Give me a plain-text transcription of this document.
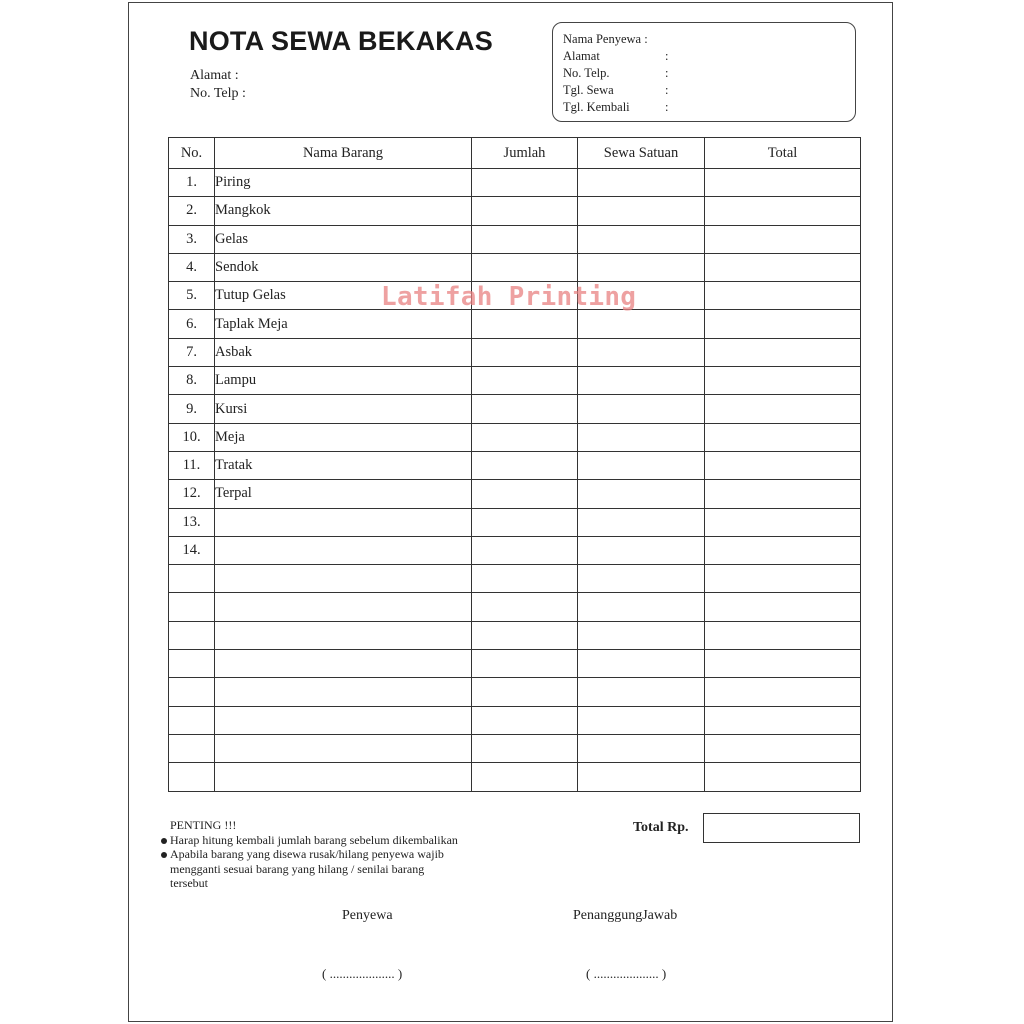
NOTA SEWA BEKAKAS
Alamat :
No. Telp :
Nama Penyewa :
Alamat	:
No. Telp.	:
Tgl. Sewa	:
Tgl. Kembali	:
No.	Nama Barang	Jumlah	Sewa Satuan	Total
1.	Piring			
2.	Mangkok			
3.	Gelas			
4.	Sendok			
5.	Tutup Gelas			
6.	Taplak Meja			
7.	Asbak			
8.	Lampu			
9.	Kursi			
10.	Meja			
11.	Tratak			
12.	Terpal			
13.				
14.				

Latifah Printing
Total Rp.
PENTING !!!
Harap hitung kembali jumlah barang sebelum dikembalikan
Apabila barang yang disewa rusak/hilang penyewa wajib
mengganti sesuai barang yang hilang / senilai barang
tersebut
Penyewa	PenanggungJawab
( .................... )	( .................... )
